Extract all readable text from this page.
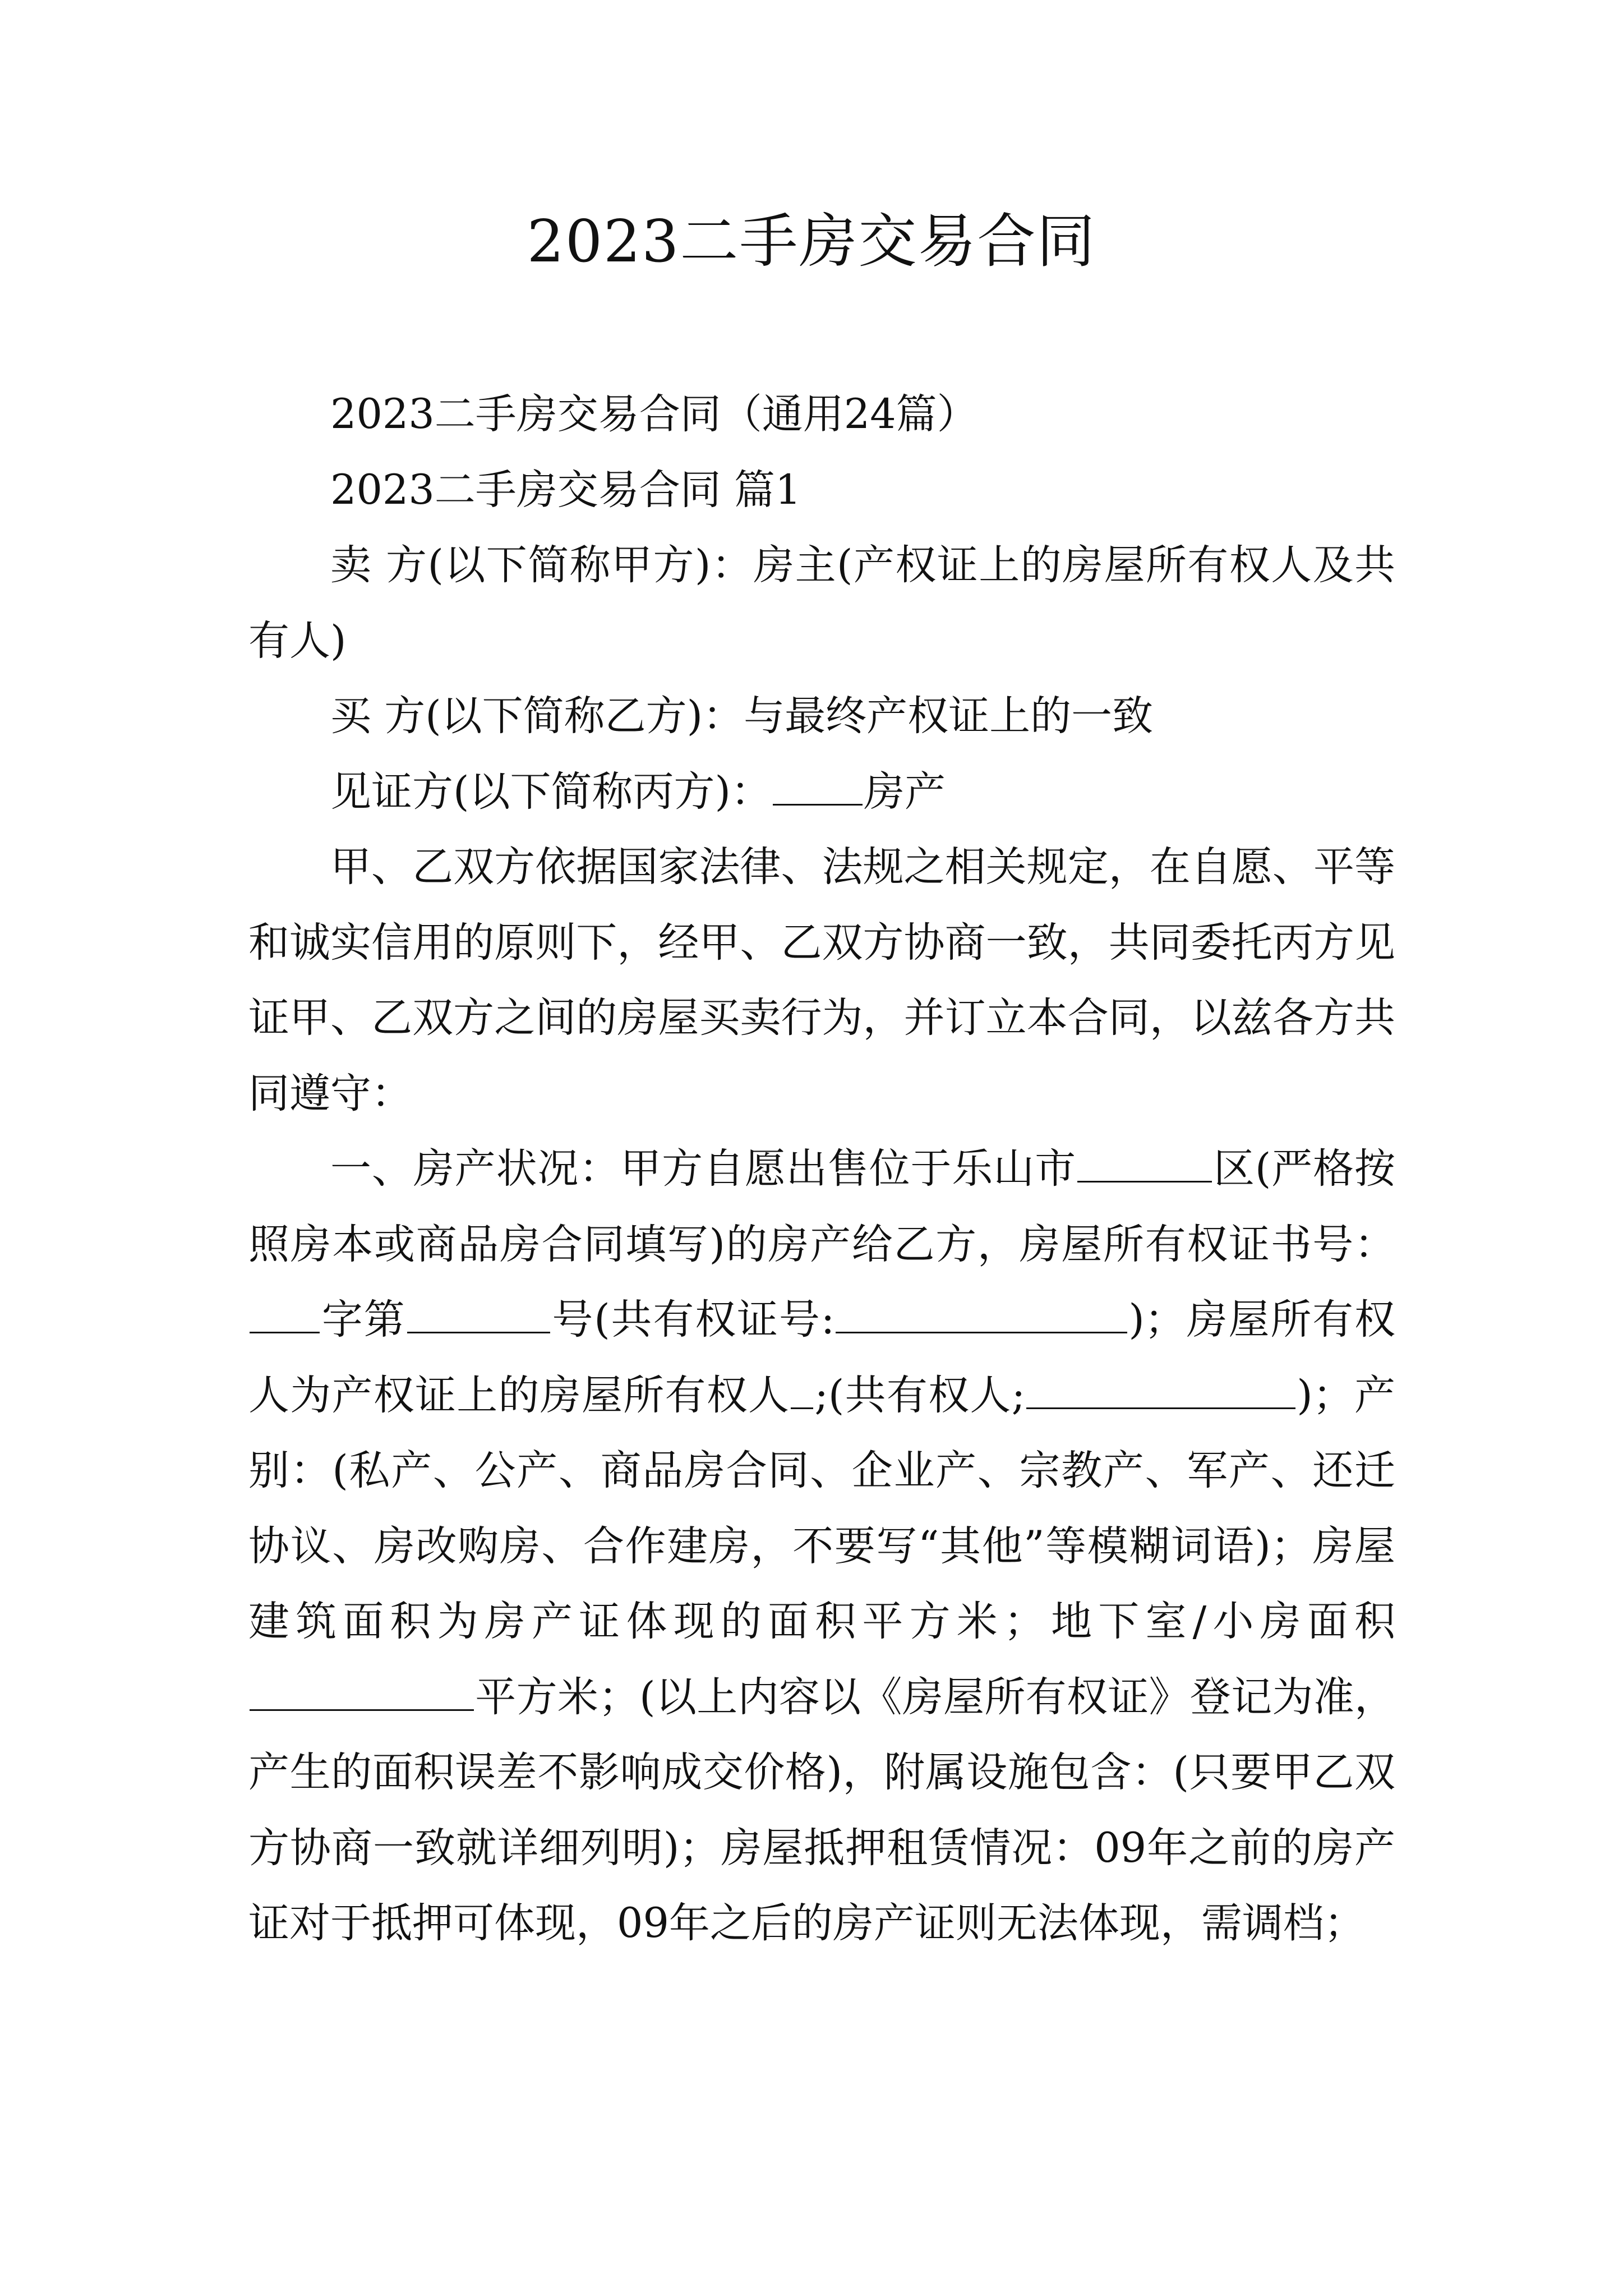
2023二手房交易合同

2023二手房交易合同（通用24篇）

2023二手房交易合同 篇1

卖 方(以下简称甲方)：房主(产权证上的房屋所有权人及共有人)

买 方(以下简称乙方)：与最终产权证上的一致

见证方(以下简称丙方)： 房产

甲、乙双方依据国家法律、法规之相关规定，在自愿、平等和诚实信用的原则下，经甲、乙双方协商一致，共同委托丙方见证甲、乙双方之间的房屋买卖行为，并订立本合同，以兹各方共同遵守：

一、房产状况：甲方自愿出售位于乐山市	区(严格按照房本或商品房合同填写)的房产给乙方，房屋所有权证书号：字第	号(共有权证号:	)；房屋所有权人为产权证上的房屋所有权人 ;(共有权人;	)；产别：(私产、公产、商品房合同、企业产、宗教产、军产、还迁协议、房改购房、合作建房，不要写“其他”等模糊词语)；房屋建筑面积为房产证体现的面积平方米；地下室/小房面积平方米；(以上内容以《房屋所有权证》登记为准，产生的面积误差不影响成交价格)，附属设施包含：(只要甲乙双方协商一致就详细列明)；房屋抵押租赁情况：09年之前的房产证对于抵押可体现，09年之后的房产证则无法体现，需调档；
